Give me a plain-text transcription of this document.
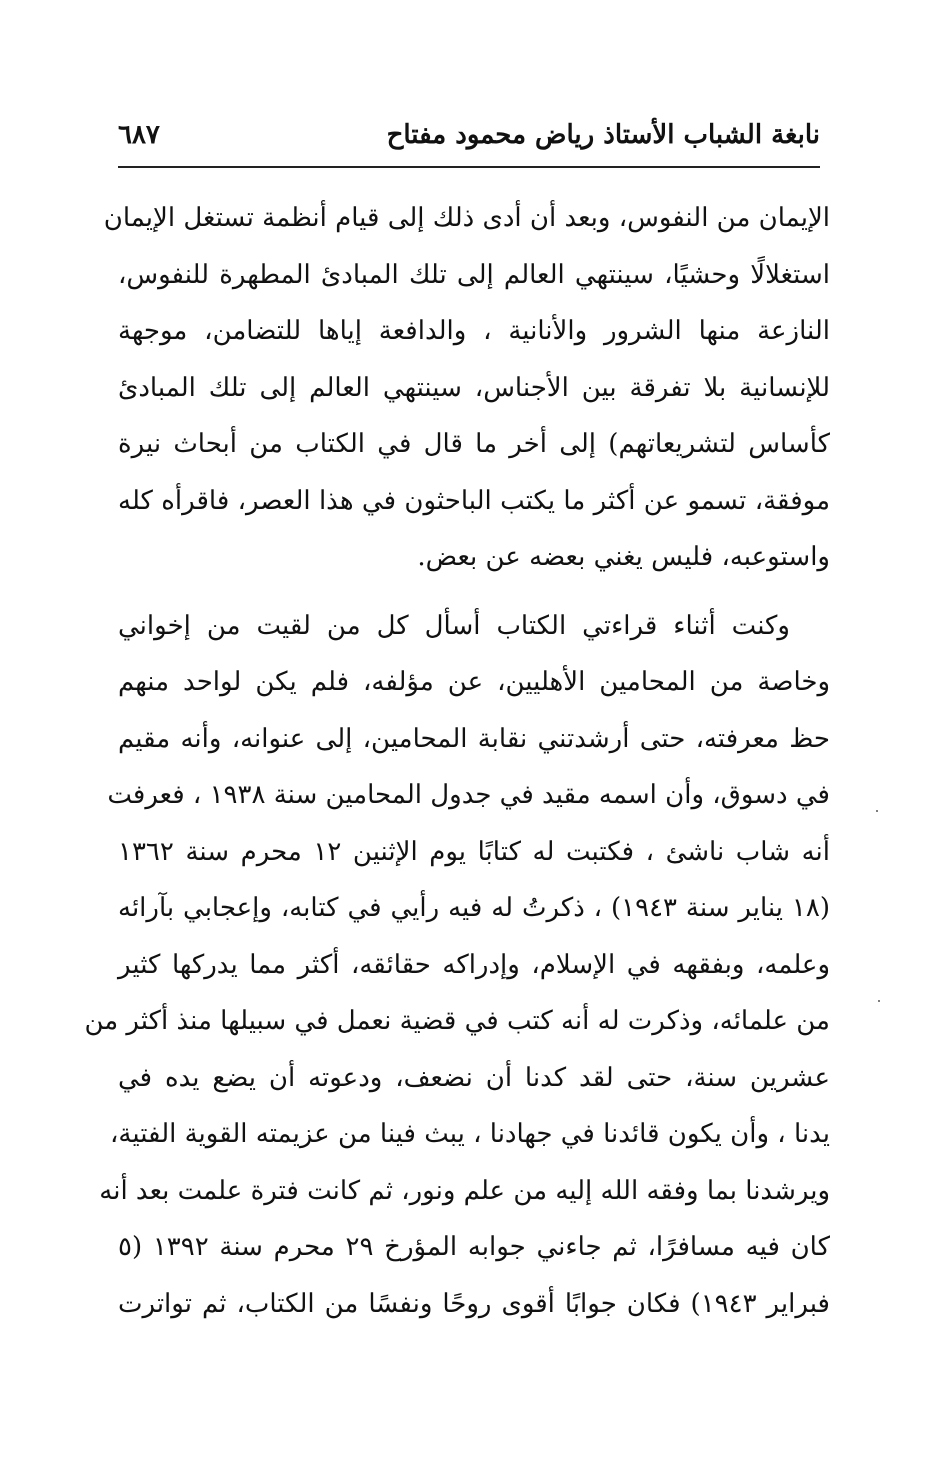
نابغة الشباب الأستاذ رياض محمود مفتاح
٦٨٧
الإيمان من النفوس، وبعد أن أدى ذلك إلى قيام أنظمة تستغل الإيمان
استغلالًا وحشيًا، سينتهي العالم إلى تلك المبادئ المطهرة للنفوس،
النازعة منها الشرور والأنانية ، والدافعة إياها للتضامن، موجهة
للإنسانية بلا تفرقة بين الأجناس، سينتهي العالم إلى تلك المبادئ
كأساس لتشريعاتهم) إلى أخر ما قال في الكتاب من أبحاث نيرة
موفقة، تسمو عن أكثر ما يكتب الباحثون في هذا العصر، فاقرأه كله
واستوعبه، فليس يغني بعضه عن بعض.
وكنت أثناء قراءتي الكتاب أسأل كل من لقيت من إخواني
وخاصة من المحامين الأهليين، عن مؤلفه، فلم يكن لواحد منهم
حظ معرفته، حتى أرشدتني نقابة المحامين، إلى عنوانه، وأنه مقيم
في دسوق، وأن اسمه مقيد في جدول المحامين سنة ١٩٣٨ ، فعرفت
أنه شاب ناشئ ، فكتبت له كتابًا يوم الإثنين ١٢ محرم سنة ١٣٦٢
(١٨ يناير سنة ١٩٤٣) ، ذكرتُ له فيه رأيي في كتابه، وإعجابي بآرائه
وعلمه، وبفقهه في الإسلام، وإدراكه حقائقه، أكثر مما يدركها كثير
من علمائه، وذكرت له أنه كتب في قضية نعمل في سبيلها منذ أكثر من
عشرين سنة، حتى لقد كدنا أن نضعف، ودعوته أن يضع يده في
يدنا ، وأن يكون قائدنا في جهادنا ، يبث فينا من عزيمته القوية الفتية،
ويرشدنا بما وفقه الله إليه من علم ونور، ثم كانت فترة علمت بعد أنه
كان فيه مسافرًا، ثم جاءني جوابه المؤرخ ٢٩ محرم سنة ١٣٩٢ (٥
فبراير ١٩٤٣) فكان جوابًا أقوى روحًا ونفسًا من الكتاب، ثم تواترت
